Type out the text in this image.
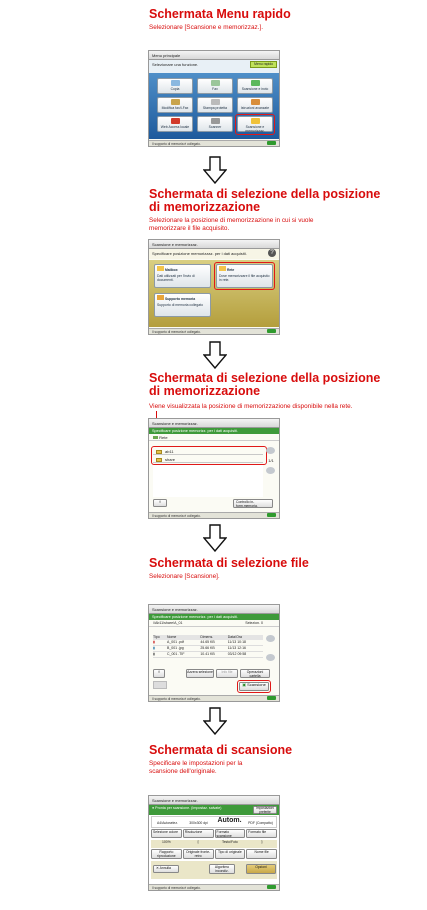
Schermata Menu rapido
Selezionare [Scansione e memorizzaz.].
Menu principale
Selezionare una funzione.	Menu rapido
Copia	Fax	Scansione e invio
Modifica fax/I-Fax	Stampa protetta	Istruzioni avanzate
Web Access locale	Scanner	Scansione e memorizzaz.
Il supporto di memoria è collegato.
Schermata di selezione della posizione
di memorizzazione
Selezionare la posizione di memorizzazione in cui si vuole
memorizzare il file acquisito.
Scansione e memorizzaz.
Specificare posizione memorizzaz. per i dati acquisiti.	?
Mailbox
Dati utilizzati per l'invio di documenti.
Rete
Dove memorizzare il file acquisito in rete.
Supporto memoria
Supporto di memoria collegato
Il supporto di memoria è collegato.
Schermata di selezione della posizione
di memorizzazione
Viene visualizzata la posizione di memorizzazione disponibile nella rete.
Scansione e memorizzaz.
Specificare posizione memorizz. per i dati acquisiti.
Rete
ab11
share	1/1
⇧	Controllo in-form.memoria.
Il supporto di memoria è collegato.
Schermata di selezione file
Selezionare [Scansione].
Scansione e memorizzaz.
Specificare posizione memorizz. per i dati acquisiti.
\\Ab11\share\A_01	Selezion. 0
Tipo	Nome	Dimens.	Data/Ora
▮	A_001 .pdf	44.65 KB	11/13 10:18
▮	B_001 .jpg	25.66 KB	11/13 12:16
▮	C_001 .TIF	10.41 KB	03/12 09:58
⇧	Azzera selezione	Info file	Operazioni cartella
▣ Scansione
Il supporto di memoria è collegato.
Schermata di scansione
Specificare le impostazioni per la
scansione dell'originale.
Scansione e memorizzaz.
● Pronta per scansione. (Impostaz. salvate)	Impostazioni preferite
A4/Autoselez.	300x300 dpi	Autom.	PDF (Compatto)
Selezione colore	Risoluzione	Formato scansione
Formato file
100%	▯	Testo/Foto	▯
Rapporto riproduzione
Originale fronte-retro
Tipo di originale	Nome file
✕ Annulla	Algoritmo incondiz.
Opzioni
Il supporto di memoria è collegato.
